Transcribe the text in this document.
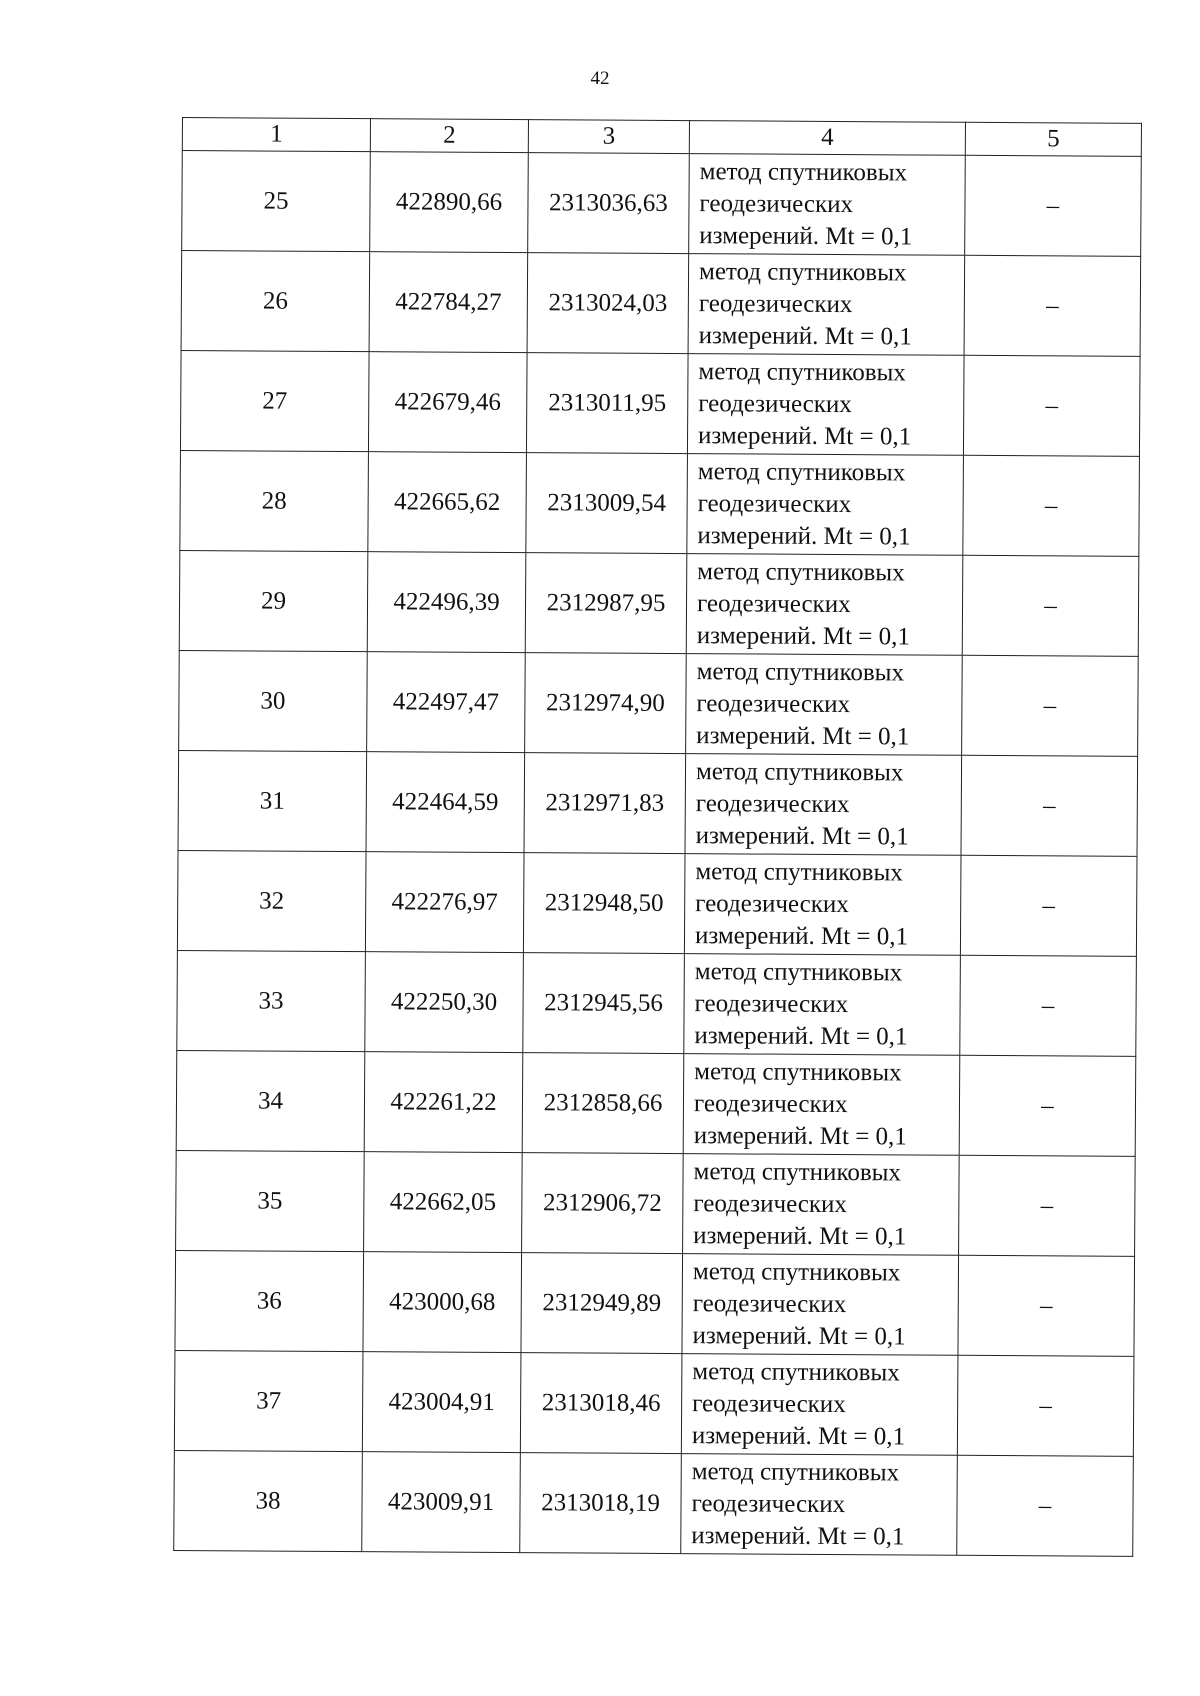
42
1	2	3	4	5
25	422890,66	2313036,63	метод спутниковых
геодезических
измерений. Mt = 0,1	–
26	422784,27	2313024,03	метод спутниковых
геодезических
измерений. Mt = 0,1	–
27	422679,46	2313011,95	метод спутниковых
геодезических
измерений. Mt = 0,1	–
28	422665,62	2313009,54	метод спутниковых
геодезических
измерений. Mt = 0,1	–
29	422496,39	2312987,95	метод спутниковых
геодезических
измерений. Mt = 0,1	–
30	422497,47	2312974,90	метод спутниковых
геодезических
измерений. Mt = 0,1	–
31	422464,59	2312971,83	метод спутниковых
геодезических
измерений. Mt = 0,1	–
32	422276,97	2312948,50	метод спутниковых
геодезических
измерений. Mt = 0,1	–
33	422250,30	2312945,56	метод спутниковых
геодезических
измерений. Mt = 0,1	–
34	422261,22	2312858,66	метод спутниковых
геодезических
измерений. Mt = 0,1	–
35	422662,05	2312906,72	метод спутниковых
геодезических
измерений. Mt = 0,1	–
36	423000,68	2312949,89	метод спутниковых
геодезических
измерений. Mt = 0,1	–
37	423004,91	2313018,46	метод спутниковых
геодезических
измерений. Mt = 0,1	–
38	423009,91	2313018,19	метод спутниковых
геодезических
измерений. Mt = 0,1	–
